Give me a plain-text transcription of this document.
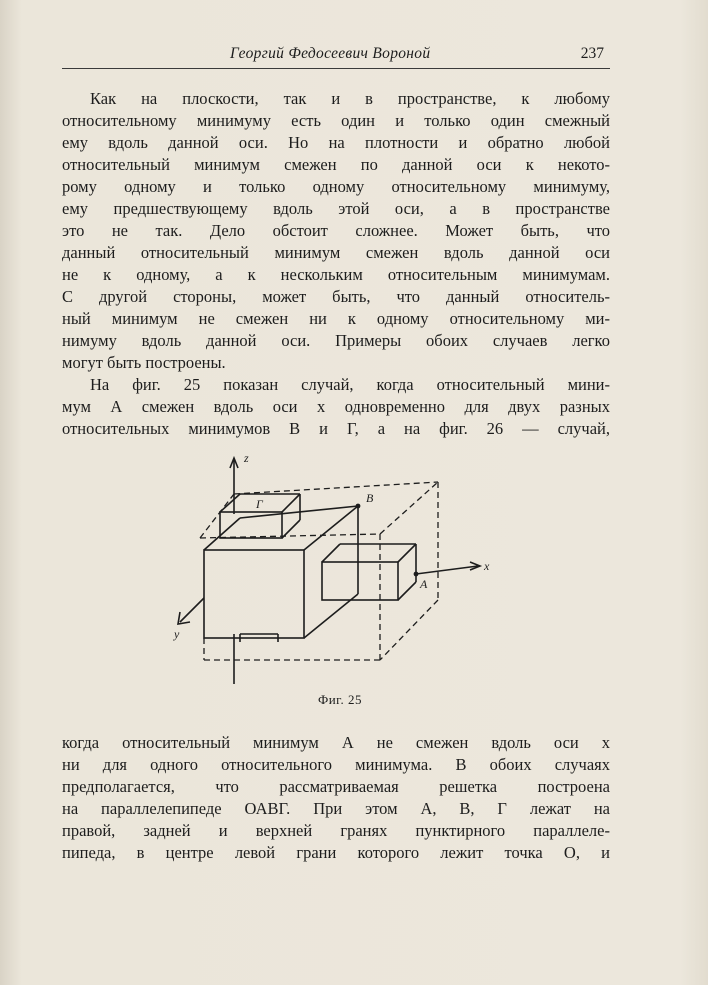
Георгий Федосеевич Вороной	237
Как на плоскости, так и в пространстве, к любому
относительному минимуму есть один и только один смежный
ему вдоль данной оси. Но на плотности и обратно любой
относительный минимум смежен по данной оси к некото-
рому одному и только одному относительному минимуму,
ему предшествующему вдоль этой оси, а в пространстве
это не так. Дело обстоит сложнее. Может быть, что
данный относительный минимум смежен вдоль данной оси
не к одному, а к нескольким относительным минимумам.
С другой стороны, может быть, что данный относитель-
ный минимум не смежен ни к одному относительному ми-
нимуму вдоль данной оси. Примеры обоих случаев легко
могут быть построены.
На фиг. 25 показан случай, когда относительный мини-
мум А смежен вдоль оси x одновременно для двух разных
относительных минимумов В и Г, а на фиг. 26 — случай,
z
x
y
Г	В
А
Фиг. 25
когда относительный минимум А не смежен вдоль оси x
ни для одного относительного минимума. В обоих случаях
предполагается, что рассматриваемая решетка построена
на параллелепипеде ОАВГ. При этом А, В, Г лежат на
правой, задней и верхней гранях пунктирного параллеле-
пипеда, в центре левой грани которого лежит точка О, и
